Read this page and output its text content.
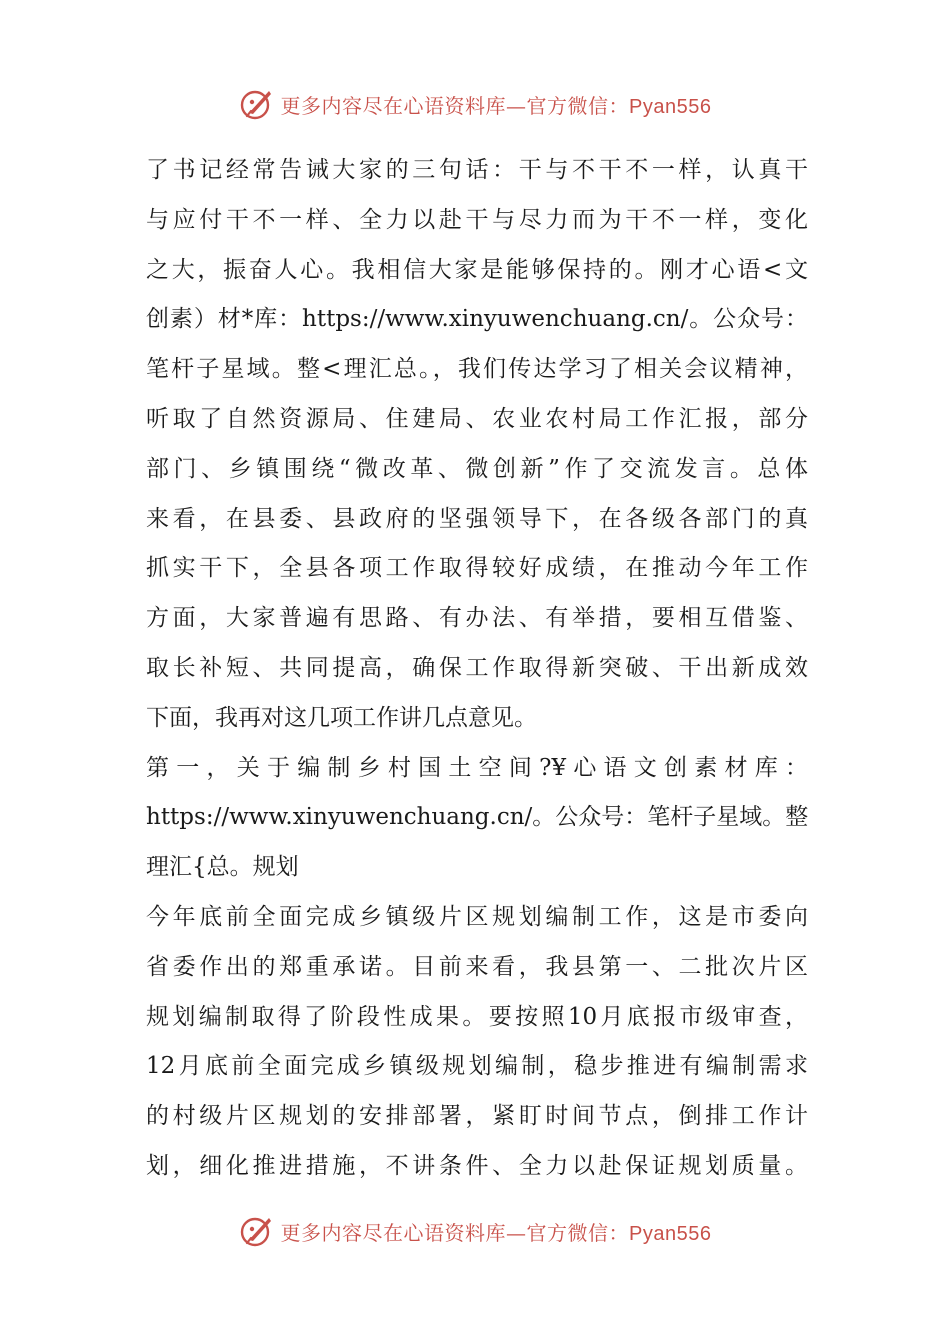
更多内容尽在心语资料库—官方微信：Pyan556
了书记经常告诫大家的三句话：干与不干不一样，认真干
与应付干不一样、全力以赴干与尽力而为干不一样，变化
之大，振奋人心。我相信大家是能够保持的。刚才心语<文
创素）材*库：https://www.xinyuwenchuang.cn/。公众号：
笔杆子星域。整<理汇总。，我们传达学习了相关会议精神，
听取了自然资源局、住建局、农业农村局工作汇报，部分
部门、乡镇围绕“微改革、微创新”作了交流发言。总体
来看，在县委、县政府的坚强领导下，在各级各部门的真
抓实干下，全县各项工作取得较好成绩，在推动今年工作
方面，大家普遍有思路、有办法、有举措，要相互借鉴、
取长补短、共同提高，确保工作取得新突破、干出新成效
下面，我再对这几项工作讲几点意见。
第一，关于编制乡村国土空间?¥心语文创素材库：
https://www.xinyuwenchuang.cn/。公众号：笔杆子星域。整
理汇{总。规划
今年底前全面完成乡镇级片区规划编制工作，这是市委向
省委作出的郑重承诺。目前来看，我县第一、二批次片区
规划编制取得了阶段性成果。要按照10月底报市级审查，
12月底前全面完成乡镇级规划编制，稳步推进有编制需求
的村级片区规划的安排部署，紧盯时间节点，倒排工作计
划，细化推进措施，不讲条件、全力以赴保证规划质量。
更多内容尽在心语资料库—官方微信：Pyan556
